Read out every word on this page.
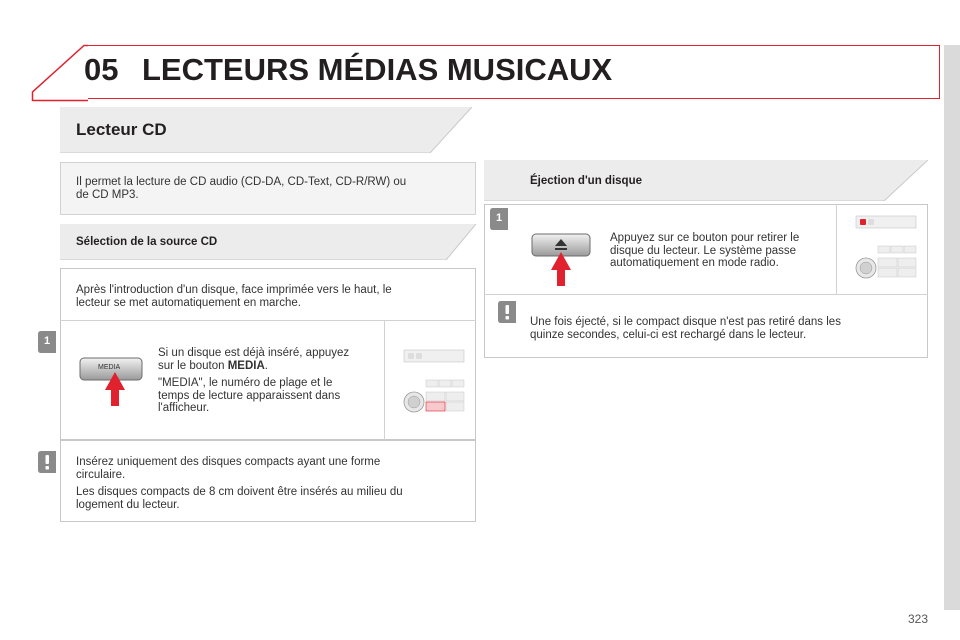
05 LECTEURS MÉDIAS MUSICAUX
Lecteur CD
Il permet la lecture de CD audio (CD-DA, CD-Text, CD-R/RW) ou
de CD MP3.
Sélection de la source CD
Après l'introduction d'un disque, face imprimée vers le haut, le
lecteur se met automatiquement en marche.
1
MEDIA
Si un disque est déjà inséré, appuyez
sur le bouton MEDIA.
"MEDIA", le numéro de plage et le
temps de lecture apparaissent dans
l'afficheur.
Insérez uniquement des disques compacts ayant une forme
circulaire.
Les disques compacts de 8 cm doivent être insérés au milieu du
logement du lecteur.
Éjection d'un disque
1
Appuyez sur ce bouton pour retirer le
disque du lecteur. Le système passe
automatiquement en mode radio.
Une fois éjecté, si le compact disque n'est pas retiré dans les
quinze secondes, celui-ci est rechargé dans le lecteur.
323
